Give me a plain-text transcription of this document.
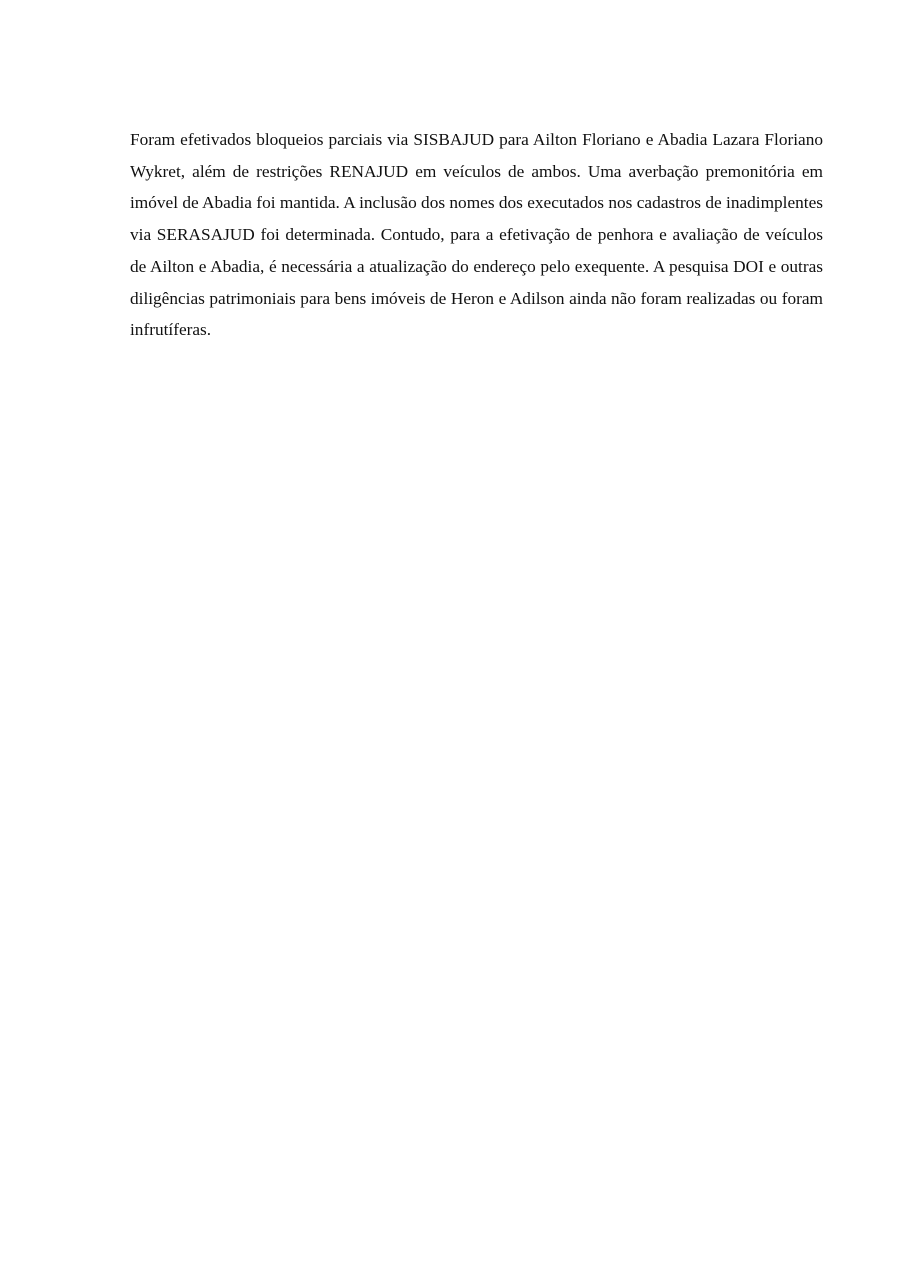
Foram efetivados bloqueios parciais via SISBAJUD para Ailton Floriano e Abadia Lazara Floriano Wykret, além de restrições RENAJUD em veículos de ambos. Uma averbação premonitória em imóvel de Abadia foi mantida. A inclusão dos nomes dos executados nos cadastros de inadimplentes via SERASAJUD foi determinada. Contudo, para a efetivação de penhora e avaliação de veículos de Ailton e Abadia, é necessária a atualização do endereço pelo exequente. A pesquisa DOI e outras diligências patrimoniais para bens imóveis de Heron e Adilson ainda não foram realizadas ou foram infrutíferas.
